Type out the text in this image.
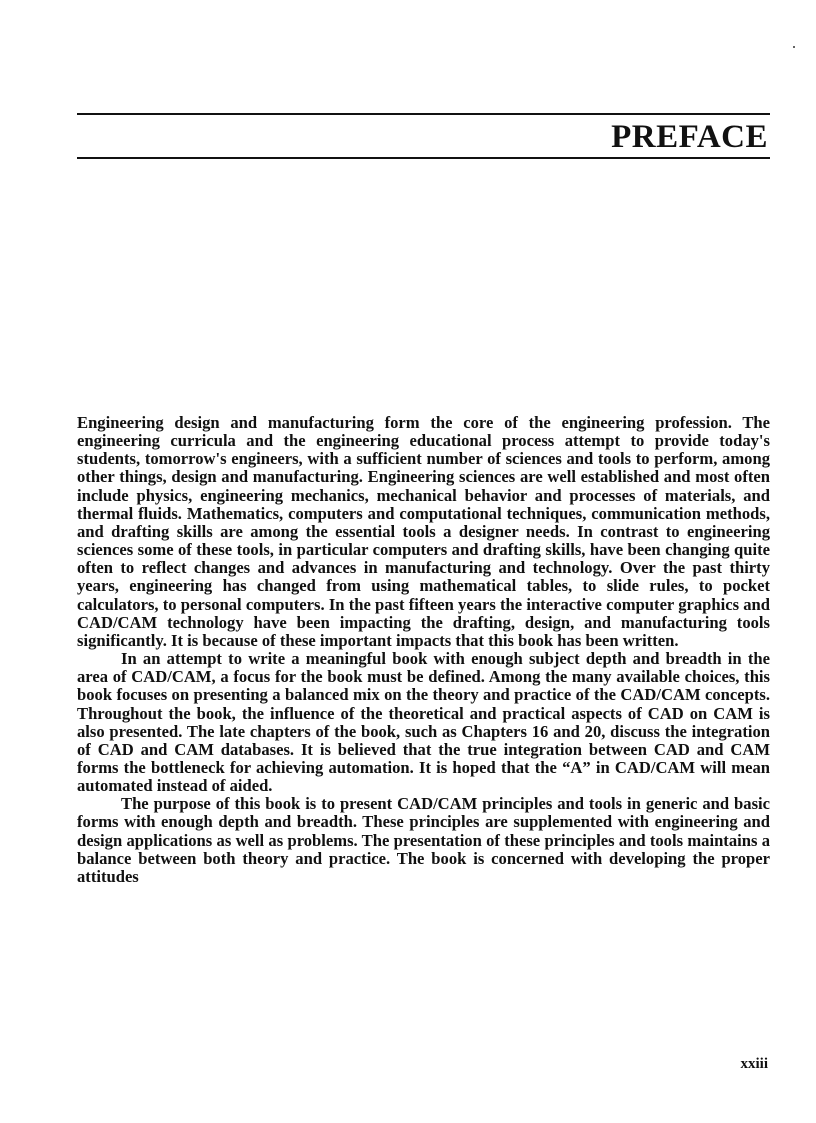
PREFACE

Engineering design and manufacturing form the core of the engineering profession. The engineering curricula and the engineering educational process attempt to provide today's students, tomorrow's engineers, with a sufficient number of sciences and tools to perform, among other things, design and manufacturing. Engineering sciences are well established and most often include physics, engineering mechanics, mechanical behavior and processes of materials, and thermal fluids. Mathematics, computers and computational techniques, communication methods, and drafting skills are among the essential tools a designer needs. In contrast to engineering sciences some of these tools, in particular computers and drafting skills, have been changing quite often to reflect changes and advances in manufacturing and technology. Over the past thirty years, engineering has changed from using mathematical tables, to slide rules, to pocket calculators, to personal computers. In the past fifteen years the interactive computer graphics and CAD/CAM technology have been impacting the drafting, design, and manufacturing tools significantly. It is because of these important impacts that this book has been written.

In an attempt to write a meaningful book with enough subject depth and breadth in the area of CAD/CAM, a focus for the book must be defined. Among the many available choices, this book focuses on presenting a balanced mix on the theory and practice of the CAD/CAM concepts. Throughout the book, the influence of the theoretical and practical aspects of CAD on CAM is also presented. The late chapters of the book, such as Chapters 16 and 20, discuss the integration of CAD and CAM databases. It is believed that the true integration between CAD and CAM forms the bottleneck for achieving automation. It is hoped that the “A” in CAD/CAM will mean automated instead of aided.

The purpose of this book is to present CAD/CAM principles and tools in generic and basic forms with enough depth and breadth. These principles are supplemented with engineering and design applications as well as problems. The presentation of these principles and tools maintains a balance between both theory and practice. The book is concerned with developing the proper attitudes

xxiii
